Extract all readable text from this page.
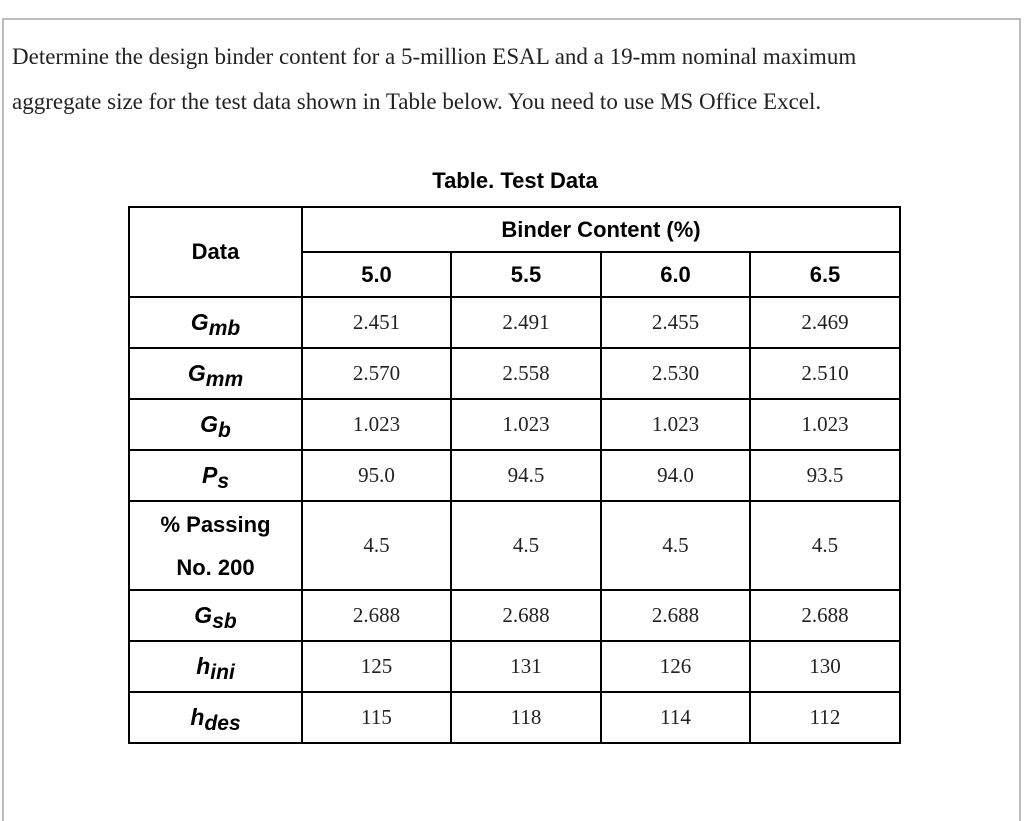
Determine the design binder content for a 5-million ESAL and a 19-mm nominal maximum
aggregate size for the test data shown in Table below. You need to use MS Office Excel.
Table. Test Data
Data	Binder Content (%)			
	5.0	5.5	6.0	6.5
Gmb	2.451	2.491	2.455	2.469
Gmm	2.570	2.558	2.530	2.510
Gb	1.023	1.023	1.023	1.023
Ps	95.0	94.5	94.0	93.5

% Passing
No. 200	4.5	4.5	4.5	4.5
Gsb	2.688	2.688	2.688	2.688
hini	125	131	126	130
hdes	115	118	114	112
